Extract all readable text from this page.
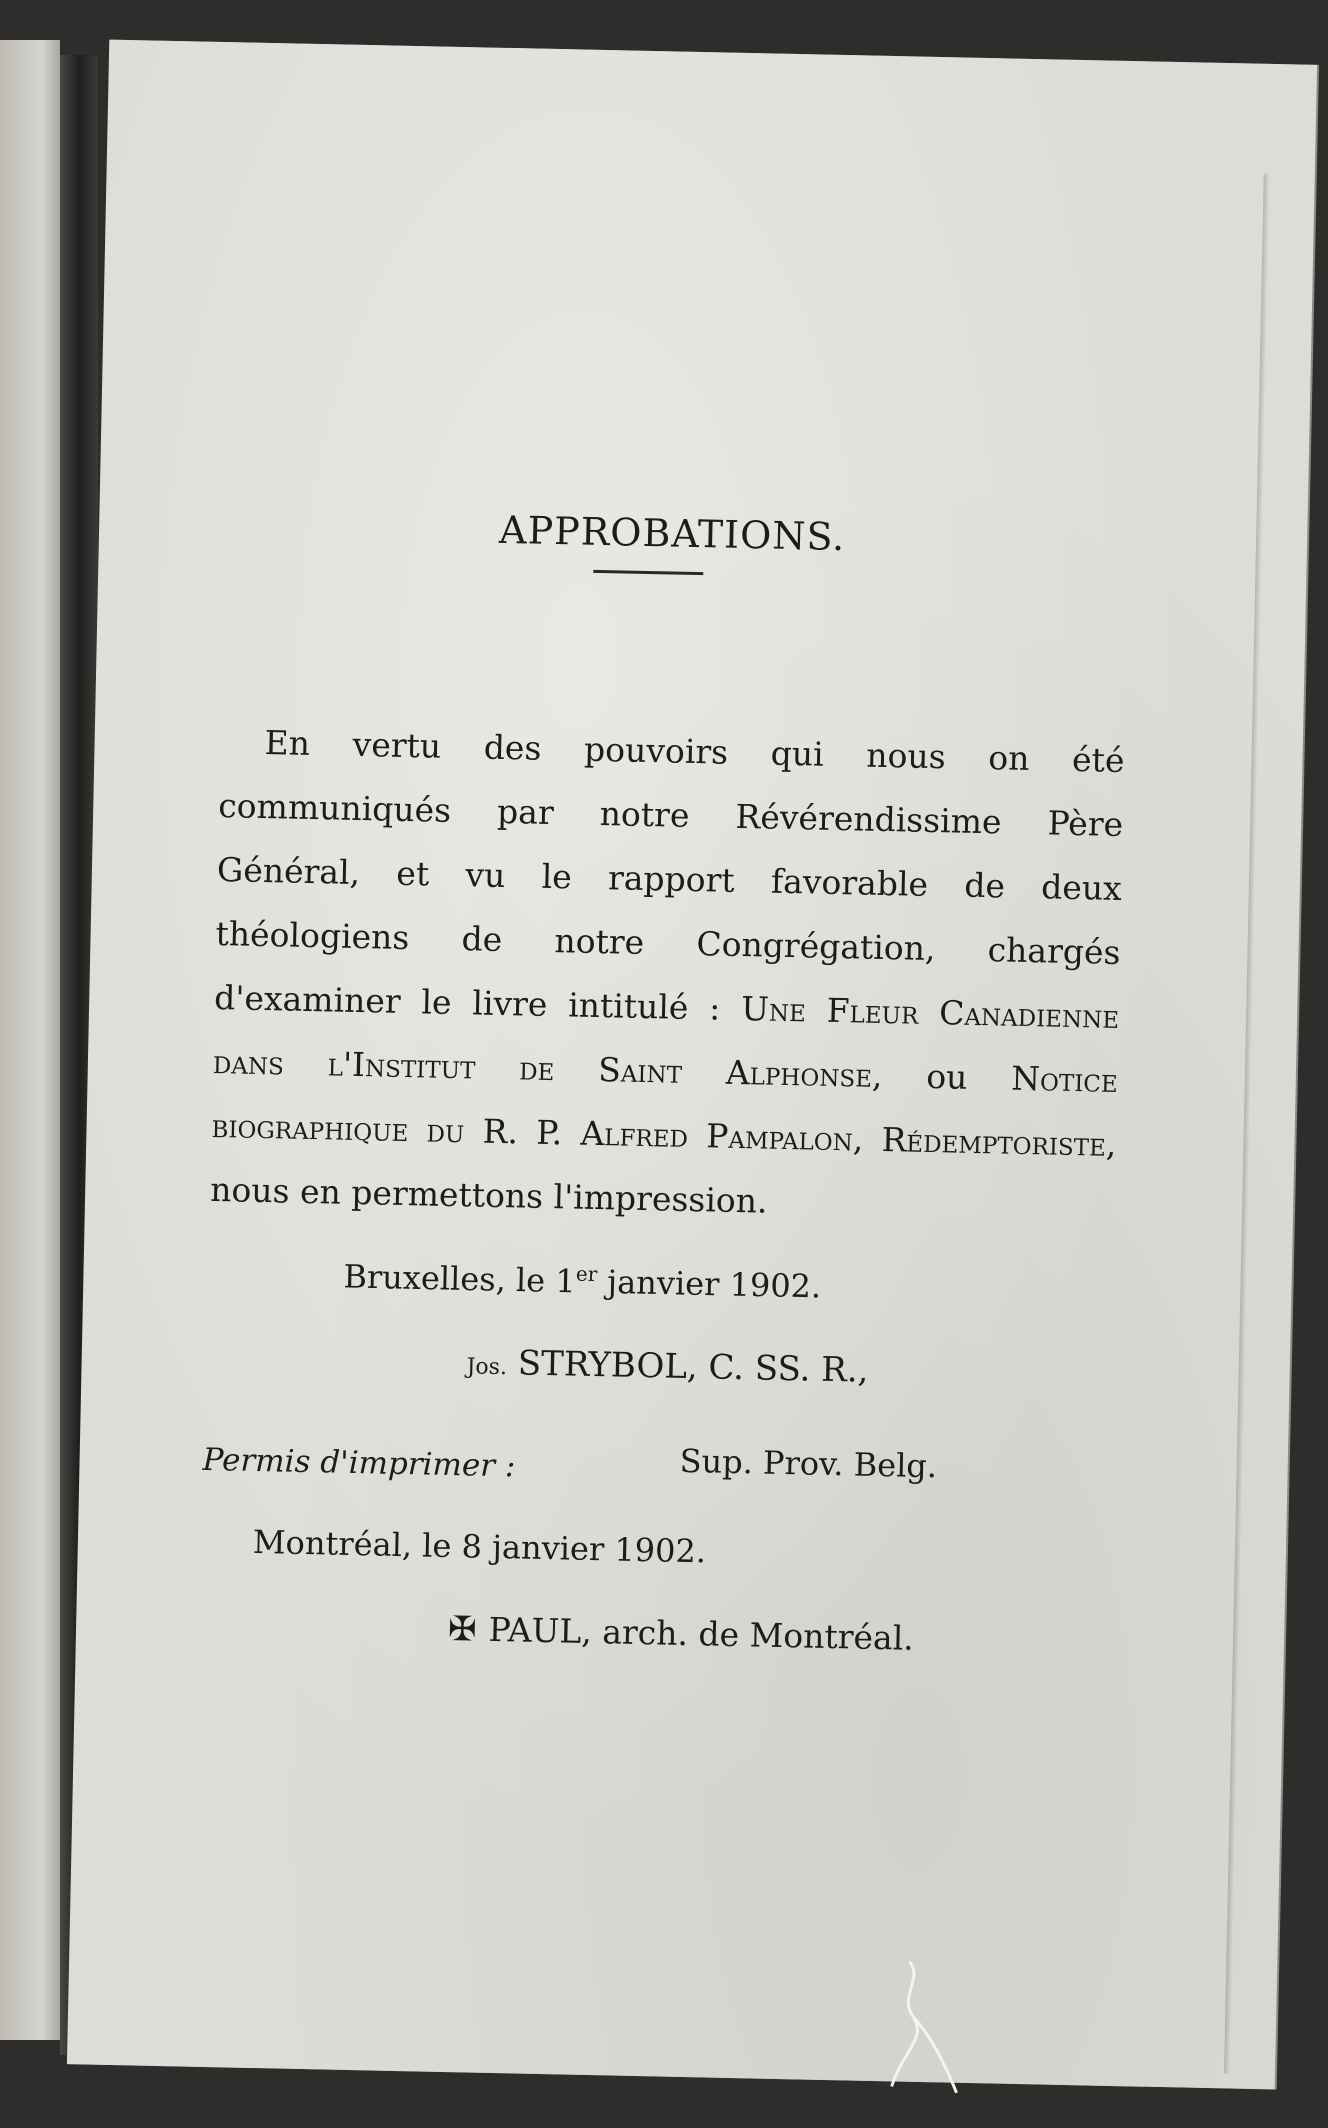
APPROBATIONS.
En vertu des pouvoirs qui nous on été communiqués par notre Révérendissime Père Général, et vu le rapport favorable de deux théologiens de notre Congrégation, chargés d'examiner le livre intitulé : Une Fleur Canadienne dans l'Institut de Saint Alphonse, ou Notice biographique du R. P. Alfred Pampalon, Rédemptoriste, nous en permettons l'impression.
Bruxelles, le 1er janvier 1902.
Jos. STRYBOL, C. SS. R.,
Sup. Prov. Belg.
Permis d'imprimer :
Montréal, le 8 janvier 1902.
✠ PAUL, arch. de Montréal.
